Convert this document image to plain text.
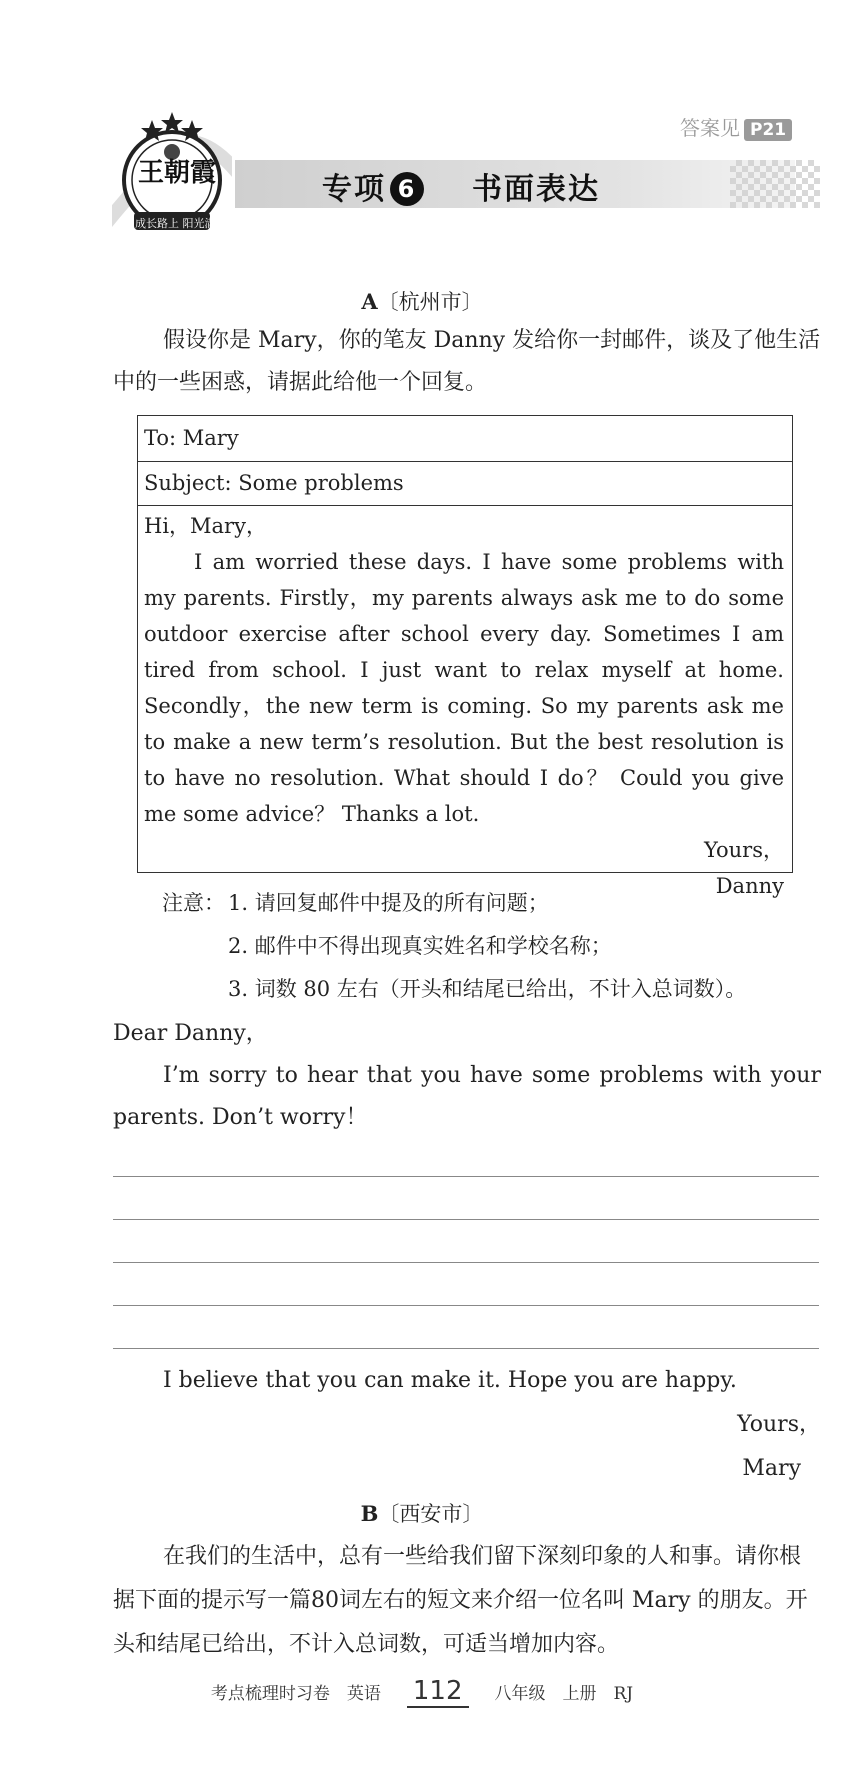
王朝霞
成长路上 阳光满天
答案见 P21
专项 6 书面表达
A〔杭州市〕
假设你是 Mary，你的笔友 Danny 发给你一封邮件，谈及了他生活中的一些困惑，请据此给他一个回复。
To: Mary
Subject: Some problems
Hi，Mary，
I am worried these days. I have some problems with my parents. Firstly，my parents always ask me to do some outdoor exercise after school every day. Sometimes I am tired from school. I just want to relax myself at home. Secondly，the new term is coming. So my parents ask me to make a new term’s resolution. But the best resolution is to have no resolution. What should I do？ Could you give me some advice？ Thanks a lot.
Yours，
Danny
注意： 1. 请回复邮件中提及的所有问题；
2. 邮件中不得出现真实姓名和学校名称；
3. 词数 80 左右（开头和结尾已给出，不计入总词数）。
Dear Danny，
I’m sorry to hear that you have some problems with your parents. Don’t worry！
I believe that you can make it. Hope you are happy.
Yours，
Mary
B〔西安市〕
在我们的生活中，总有一些给我们留下深刻印象的人和事。请你根据下面的提示写一篇80词左右的短文来介绍一位名叫 Mary 的朋友。开头和结尾已给出，不计入总词数，可适当增加内容。
考点梳理时习卷　英语 112 八年级　上册　RJ
